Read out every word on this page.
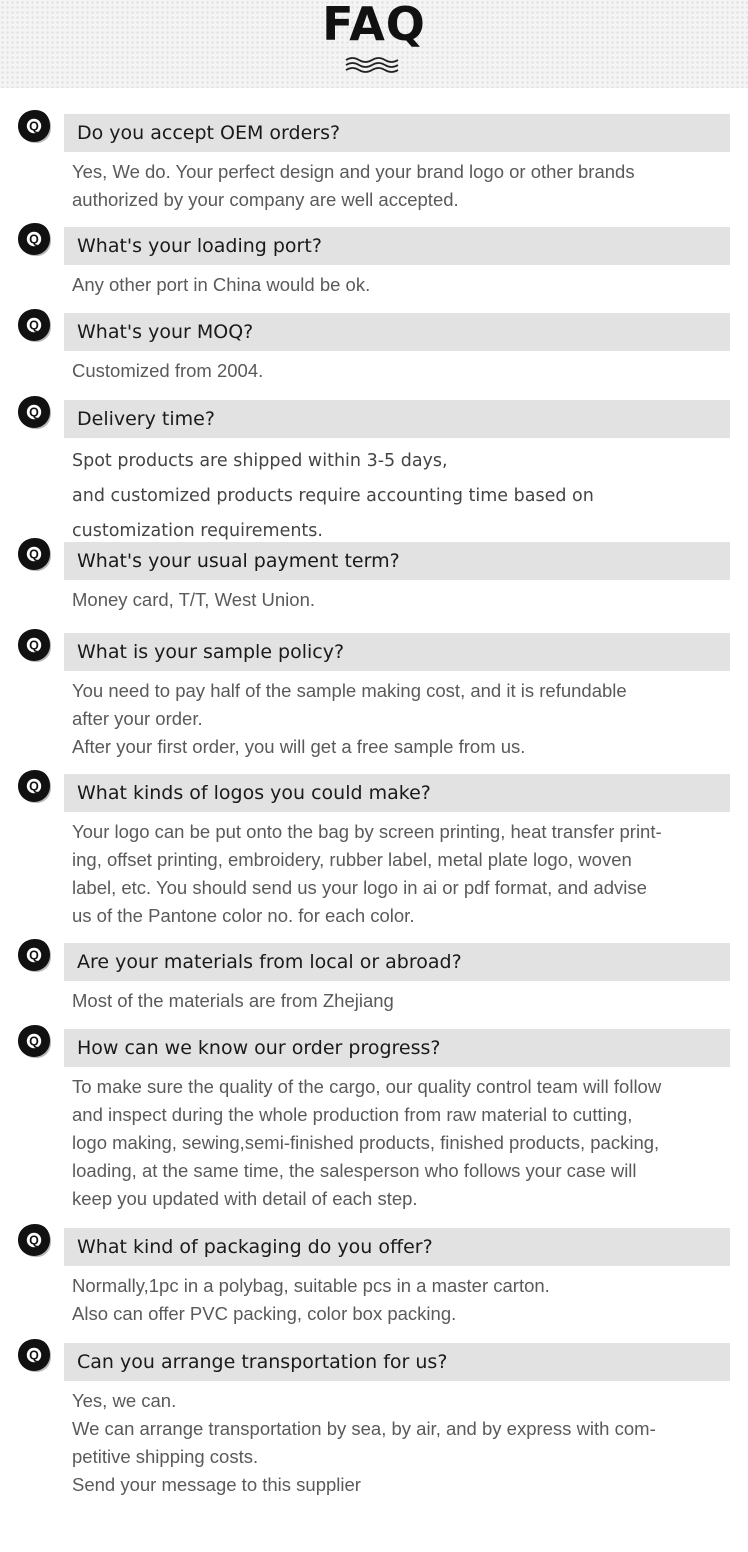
FAQ
Q Do you accept OEM orders?
Yes, We do. Your perfect design and your brand logo or other brands
authorized by your company are well accepted.
Q What's your loading port?
Any other port in China would be ok.
Q What's your MOQ?
Customized from 2004.
Q Delivery time?
Spot products are shipped within 3-5 days,
and customized products require accounting time based on
customization requirements.
Q What's your usual payment term?
Money card, T/T, West Union.
Q What is your sample policy?
You need to pay half of the sample making cost, and it is refundable
after your order.
After your first order, you will get a free sample from us.
Q What kinds of logos you could make?
Your logo can be put onto the bag by screen printing, heat transfer print-
ing, offset printing, embroidery, rubber label, metal plate logo, woven
label, etc. You should send us your logo in ai or pdf format, and advise
us of the Pantone color no. for each color.
Q Are your materials from local or abroad?
Most of the materials are from Zhejiang
Q How can we know our order progress?
To make sure the quality of the cargo, our quality control team will follow
and inspect during the whole production from raw material to cutting,
logo making, sewing,semi-finished products, finished products, packing,
loading, at the same time, the salesperson who follows your case will
keep you updated with detail of each step.
Q What kind of packaging do you offer?
Normally,1pc in a polybag, suitable pcs in a master carton.
Also can offer PVC packing, color box packing.
Q Can you arrange transportation for us?
Yes, we can.
We can arrange transportation by sea, by air, and by express with com-
petitive shipping costs.
Send your message to this supplier
